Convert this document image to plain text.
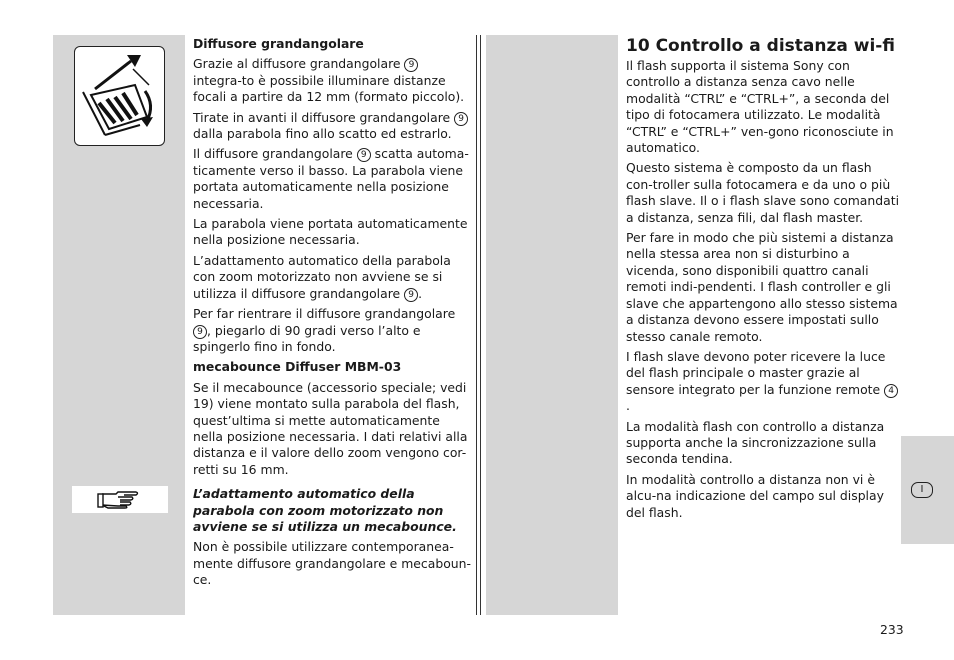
Diffusore grandangolare

Grazie al diffusore grandangolare 9 integra-to è possibile illuminare distanze focali a partire da 12 mm (formato piccolo).

Tirate in avanti il diffusore grandangolare 9 dalla parabola fino allo scatto ed estrarlo.

Il diffusore grandangolare 9 scatta automa-ticamente verso il basso. La parabola viene portata automaticamente nella posizione necessaria.

La parabola viene portata automaticamente nella posizione necessaria.

L’adattamento automatico della parabola con zoom motorizzato non avviene se si utilizza il diffusore grandangolare 9 .

Per far rientrare il diffusore grandangolare 9 , piegarlo di 90 gradi verso l’alto e spingerlo fino in fondo.

mecabounce Diffuser MBM-03

Se il mecabounce (accessorio speciale; vedi 19) viene montato sulla parabola del flash, quest’ultima si mette automaticamente nella posizione necessaria. I dati relativi alla distanza e il valore dello zoom vengono cor-retti su 16 mm.

L’adattamento automatico della parabola con zoom motorizzato non avviene se si utilizza un mecabounce.

Non è possibile utilizzare contemporanea-mente diffusore grandangolare e mecaboun-ce.

10 Controllo a distanza wi-fi

Il flash supporta il sistema Sony con controllo a distanza senza cavo nelle modalità “CTRL” e “CTRL+”, a seconda del tipo di fotocamera utilizzato. Le modalità “CTRL” e “CTRL+” ven-gono riconosciute in automatico.

Questo sistema è composto da un flash con-troller sulla fotocamera e da uno o più flash slave. Il o i flash slave sono comandati a distanza, senza fili, dal flash master.

Per fare in modo che più sistemi a distanza nella stessa area non si disturbino a vicenda, sono disponibili quattro canali remoti indi-pendenti. I flash controller e gli slave che appartengono allo stesso sistema a distanza devono essere impostati sullo stesso canale remoto.

I flash slave devono poter ricevere la luce del flash principale o master grazie al sensore integrato per la funzione remote 4.

La modalità flash con controllo a distanza supporta anche la sincronizzazione sulla seconda tendina.

In modalità controllo a distanza non vi è alcu-na indicazione del campo sul display del flash.

I
233
